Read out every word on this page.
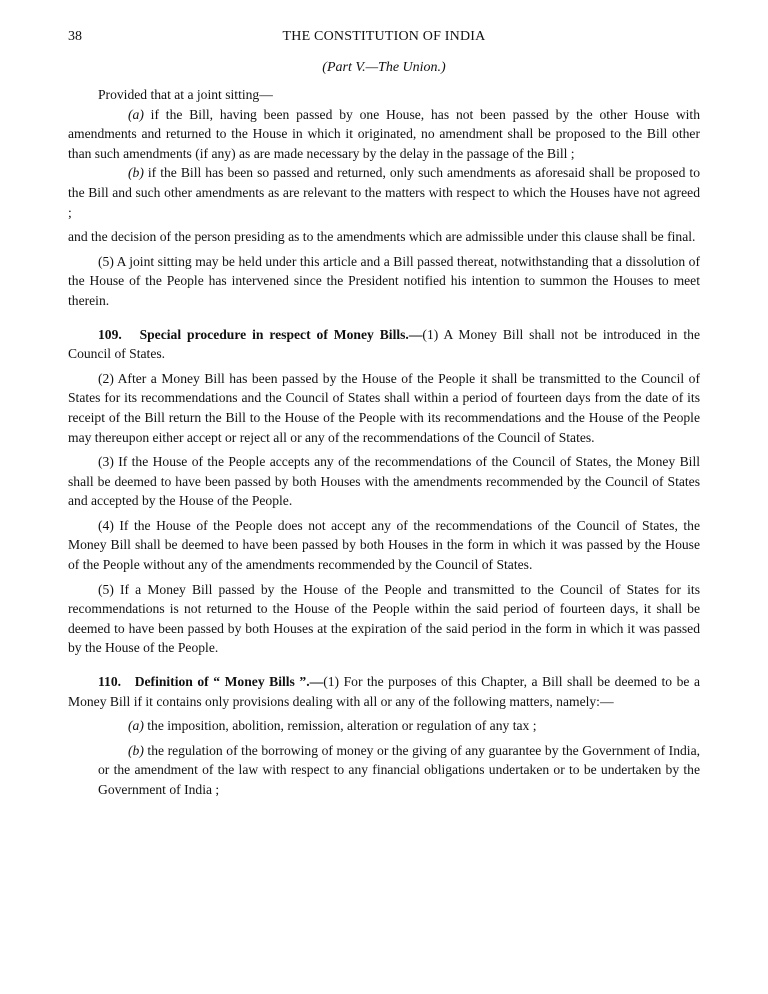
38	THE CONSTITUTION OF INDIA
(Part V.—The Union.)

Provided that at a joint sitting—

(a) if the Bill, having been passed by one House, has not been passed by the other House with amendments and returned to the House in which it originated, no amendment shall be proposed to the Bill other than such amendments (if any) as are made necessary by the delay in the passage of the Bill ;

(b) if the Bill has been so passed and returned, only such amendments as aforesaid shall be proposed to the Bill and such other amendments as are relevant to the matters with respect to which the Houses have not agreed ;

and the decision of the person presiding as to the amendments which are admissible under this clause shall be final.

(5) A joint sitting may be held under this article and a Bill passed thereat, notwithstanding that a dissolution of the House of the People has intervened since the President notified his intention to summon the Houses to meet therein.

109. Special procedure in respect of Money Bills.—(1) A Money Bill shall not be introduced in the Council of States.

(2) After a Money Bill has been passed by the House of the People it shall be transmitted to the Council of States for its recommendations and the Council of States shall within a period of fourteen days from the date of its receipt of the Bill return the Bill to the House of the People with its recommendations and the House of the People may thereupon either accept or reject all or any of the recommendations of the Council of States.

(3) If the House of the People accepts any of the recommendations of the Council of States, the Money Bill shall be deemed to have been passed by both Houses with the amendments recommended by the Council of States and accepted by the House of the People.

(4) If the House of the People does not accept any of the recommendations of the Council of States, the Money Bill shall be deemed to have been passed by both Houses in the form in which it was passed by the House of the People without any of the amendments recommended by the Council of States.

(5) If a Money Bill passed by the House of the People and transmitted to the Council of States for its recommendations is not returned to the House of the People within the said period of fourteen days, it shall be deemed to have been passed by both Houses at the expiration of the said period in the form in which it was passed by the House of the People.

110. Definition of “ Money Bills ”.—(1) For the purposes of this Chapter, a Bill shall be deemed to be a Money Bill if it contains only provisions dealing with all or any of the following matters, namely:—

(a) the imposition, abolition, remission, alteration or regulation of any tax ;

(b) the regulation of the borrowing of money or the giving of any guarantee by the Government of India, or the amendment of the law with respect to any financial obligations undertaken or to be undertaken by the Government of India ;
